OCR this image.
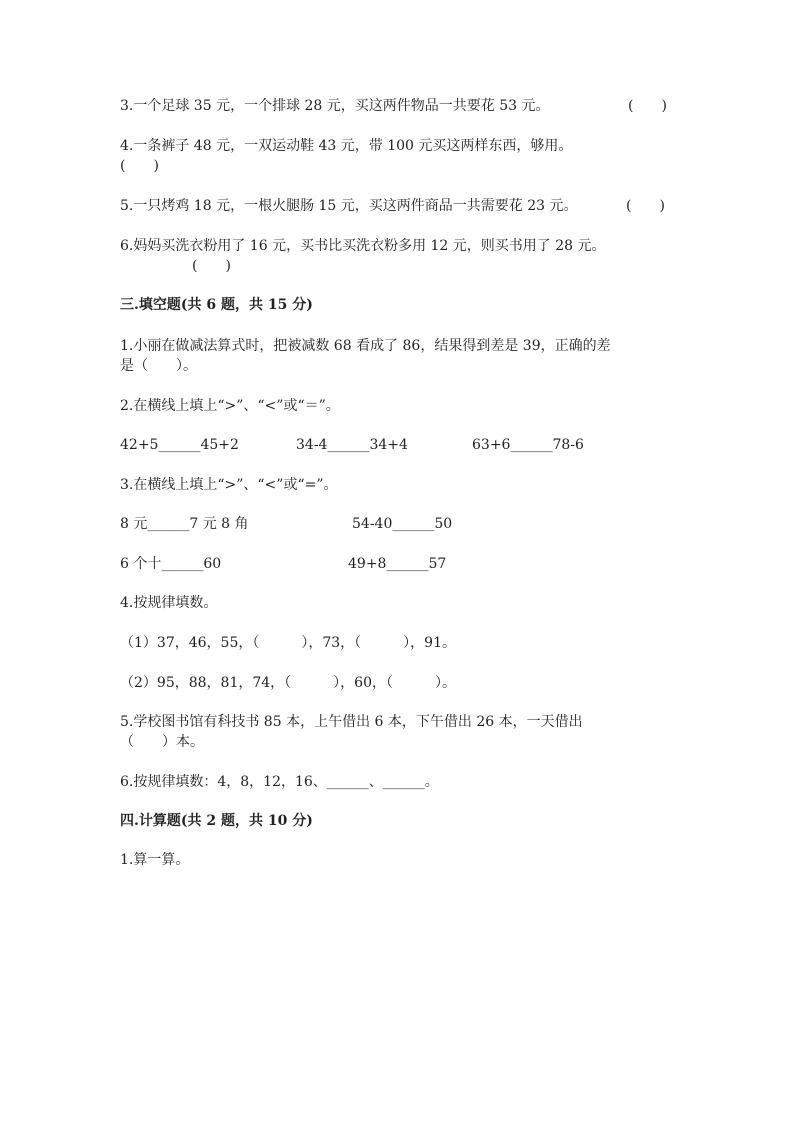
3.一个足球 35 元，一个排球 28 元，买这两件物品一共要花 53 元。	(　　)
4.一条裤子 48 元，一双运动鞋 43 元，带 100 元买这两样东西，够用。
(　　)
5.一只烤鸡 18 元，一根火腿肠 15 元，买这两件商品一共需要花 23 元。	(　　)
6.妈妈买洗衣粉用了 16 元，买书比买洗衣粉多用 12 元，则买书用了 28 元。
(　　)
三.填空题(共 6 题，共 15 分)
1.小丽在做减法算式时，把被减数 68 看成了 86，结果得到差是 39，正确的差
是（　　）。
2.在横线上填上“>”、“<”或“＝”。
42+5______45+2	34-4______34+4	63+6______78-6
3.在横线上填上“>”、“<”或“=”。
8 元______7 元 8 角	54-40______50
6 个十______60	49+8______57
4.按规律填数。
（1）37，46，55，（　　　），73，（　　　），91。
（2）95，88，81，74，（　　　），60，（　　　）。
5.学校图书馆有科技书 85 本，上午借出 6 本，下午借出 26 本，一天借出
（　　）本。
6.按规律填数：4，8，12，16、______、______。
四.计算题(共 2 题，共 10 分)
1.算一算。
